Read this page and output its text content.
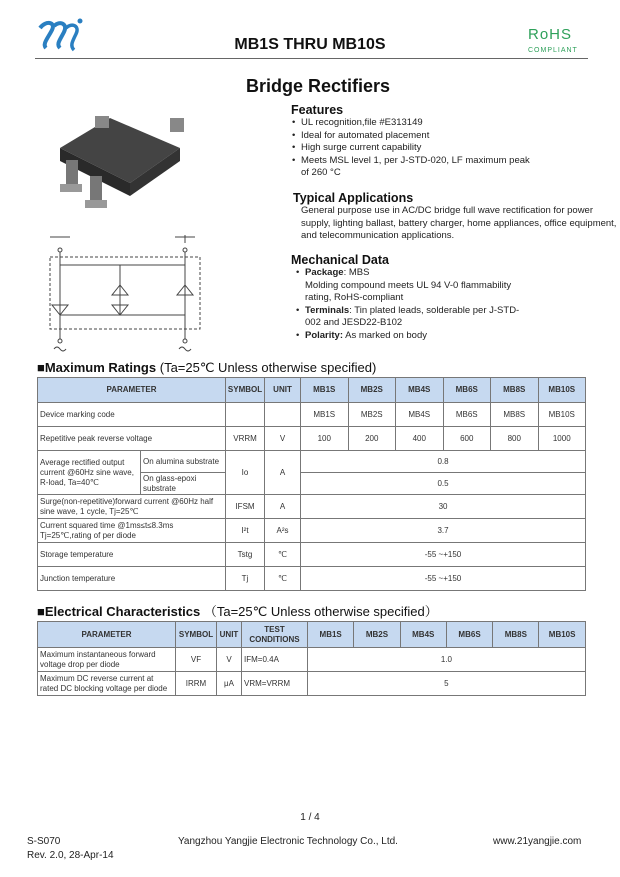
MB1S THRU MB10S
RoHS
COMPLIANT
Bridge Rectifiers
Features
• UL recognition,file #E313149
• Ideal for automated placement
• High surge current capability
• Meets MSL level 1, per J-STD-020, LF maximum peak of 260 °C
Typical Applications
General purpose use in AC/DC bridge full wave rectification for power supply, lighting ballast, battery charger, home appliances, office equipment, and telecommunication applications.
Mechanical Data
• Package: MBS
Molding compound meets UL 94 V-0 flammability rating, RoHS-compliant
• Terminals: Tin plated leads, solderable per J-STD-002 and JESD22-B102
• Polarity: As marked on body
■Maximum Ratings (Ta=25℃ Unless otherwise specified)
PARAMETER		SYMBOL	UNIT	MB1S	MB2S	MB4S	MB6S	MB8S	MB10S
Device marking code				MB1S	MB2S	MB4S	MB6S	MB8S	MB10S
Repetitive peak reverse voltage		VRRM	V	100	200	400	600	800	1000
Average rectified output current @60Hz sine wave, R-load, Ta=40℃	On alumina substrate	Io	A	0.8					
	On glass-epoxi substrate			0.5					
Surge(non-repetitive)forward current @60Hz half sine wave, 1 cycle, Tj=25℃		IFSM	A	30					
Current squared time @1ms≤t≤8.3ms Tj=25℃,rating of per diode		I²t	A²s	3.7					
Storage temperature		Tstg	℃	-55 ~+150					
Junction temperature		Tj	℃	-55 ~+150					
■Electrical Characteristics （Ta=25℃ Unless otherwise specified）
PARAMETER	SYMBOL	UNIT	TEST CONDITIONS	MB1S	MB2S	MB4S	MB6S	MB8S	MB10S
Maximum instantaneous forward voltage drop per diode	VF	V	IFM=0.4A	1.0					
Maximum DC reverse current at rated DC blocking voltage per diode	IRRM	μA	VRM=VRRM	5					
1 / 4
S-S070
Rev. 2.0, 28-Apr-14
Yangzhou Yangjie Electronic Technology Co., Ltd.	www.21yangjie.com
